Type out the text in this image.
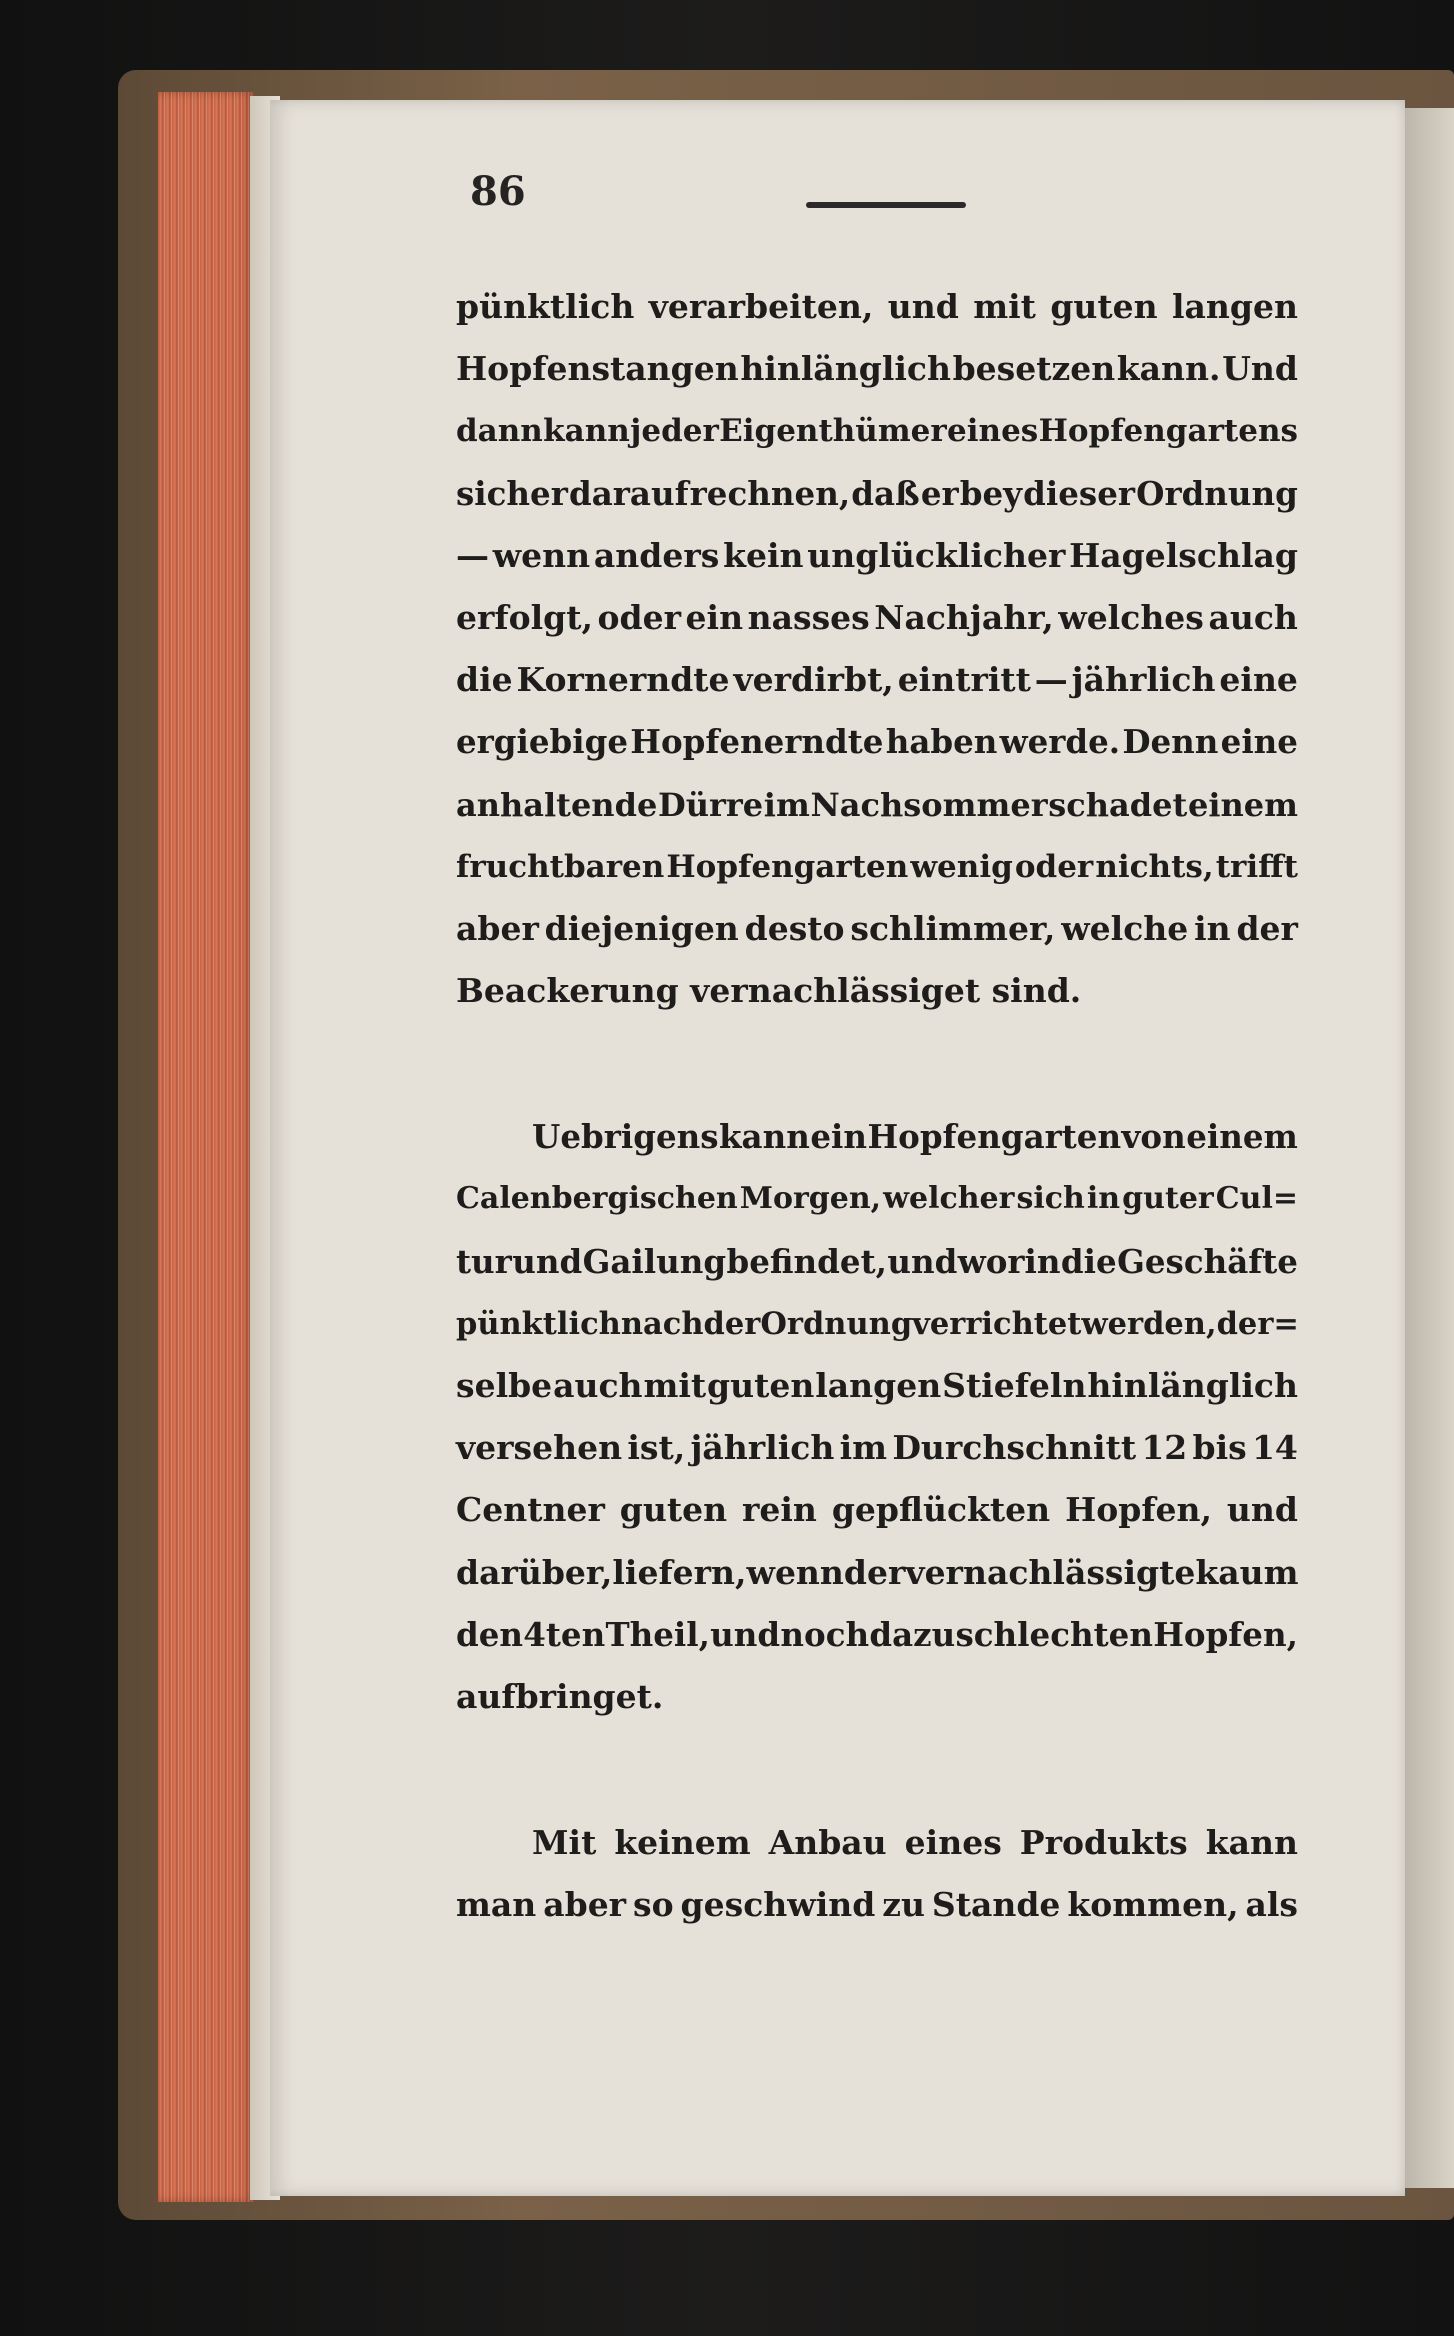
86
pünktlich verarbeiten, und mit guten langen
Hopfenstangen hinlänglich besetzen kann. Und
dann kann jeder Eigenthümer eines Hopfengartens
sicher darauf rechnen, daß er bey dieser Ordnung
— wenn anders kein unglücklicher Hagelschlag
erfolgt, oder ein nasses Nachjahr, welches auch
die Kornerndte verdirbt, eintritt — jährlich eine
ergiebige Hopfenerndte haben werde. Denn eine
anhaltende Dürre im Nachsommer schadet einem
fruchtbaren Hopfengarten wenig oder nichts, trifft
aber diejenigen desto schlimmer, welche in der
Beackerung vernachlässiget sind.
Uebrigens kann ein Hopfengarten von einem
Calenbergischen Morgen, welcher sich in guter Cul=
tur und Gailung befindet, und worin die Geschäfte
pünktlich nach der Ordnung verrichtet werden, der=
selbe auch mit guten langen Stiefeln hinlänglich
versehen ist, jährlich im Durchschnitt 12 bis 14
Centner guten rein gepflückten Hopfen, und
darüber, liefern, wenn der vernachlässigte kaum
den 4ten Theil, und noch dazu schlechten Hopfen,
aufbringet.
Mit keinem Anbau eines Produkts kann
man aber so geschwind zu Stande kommen, als
